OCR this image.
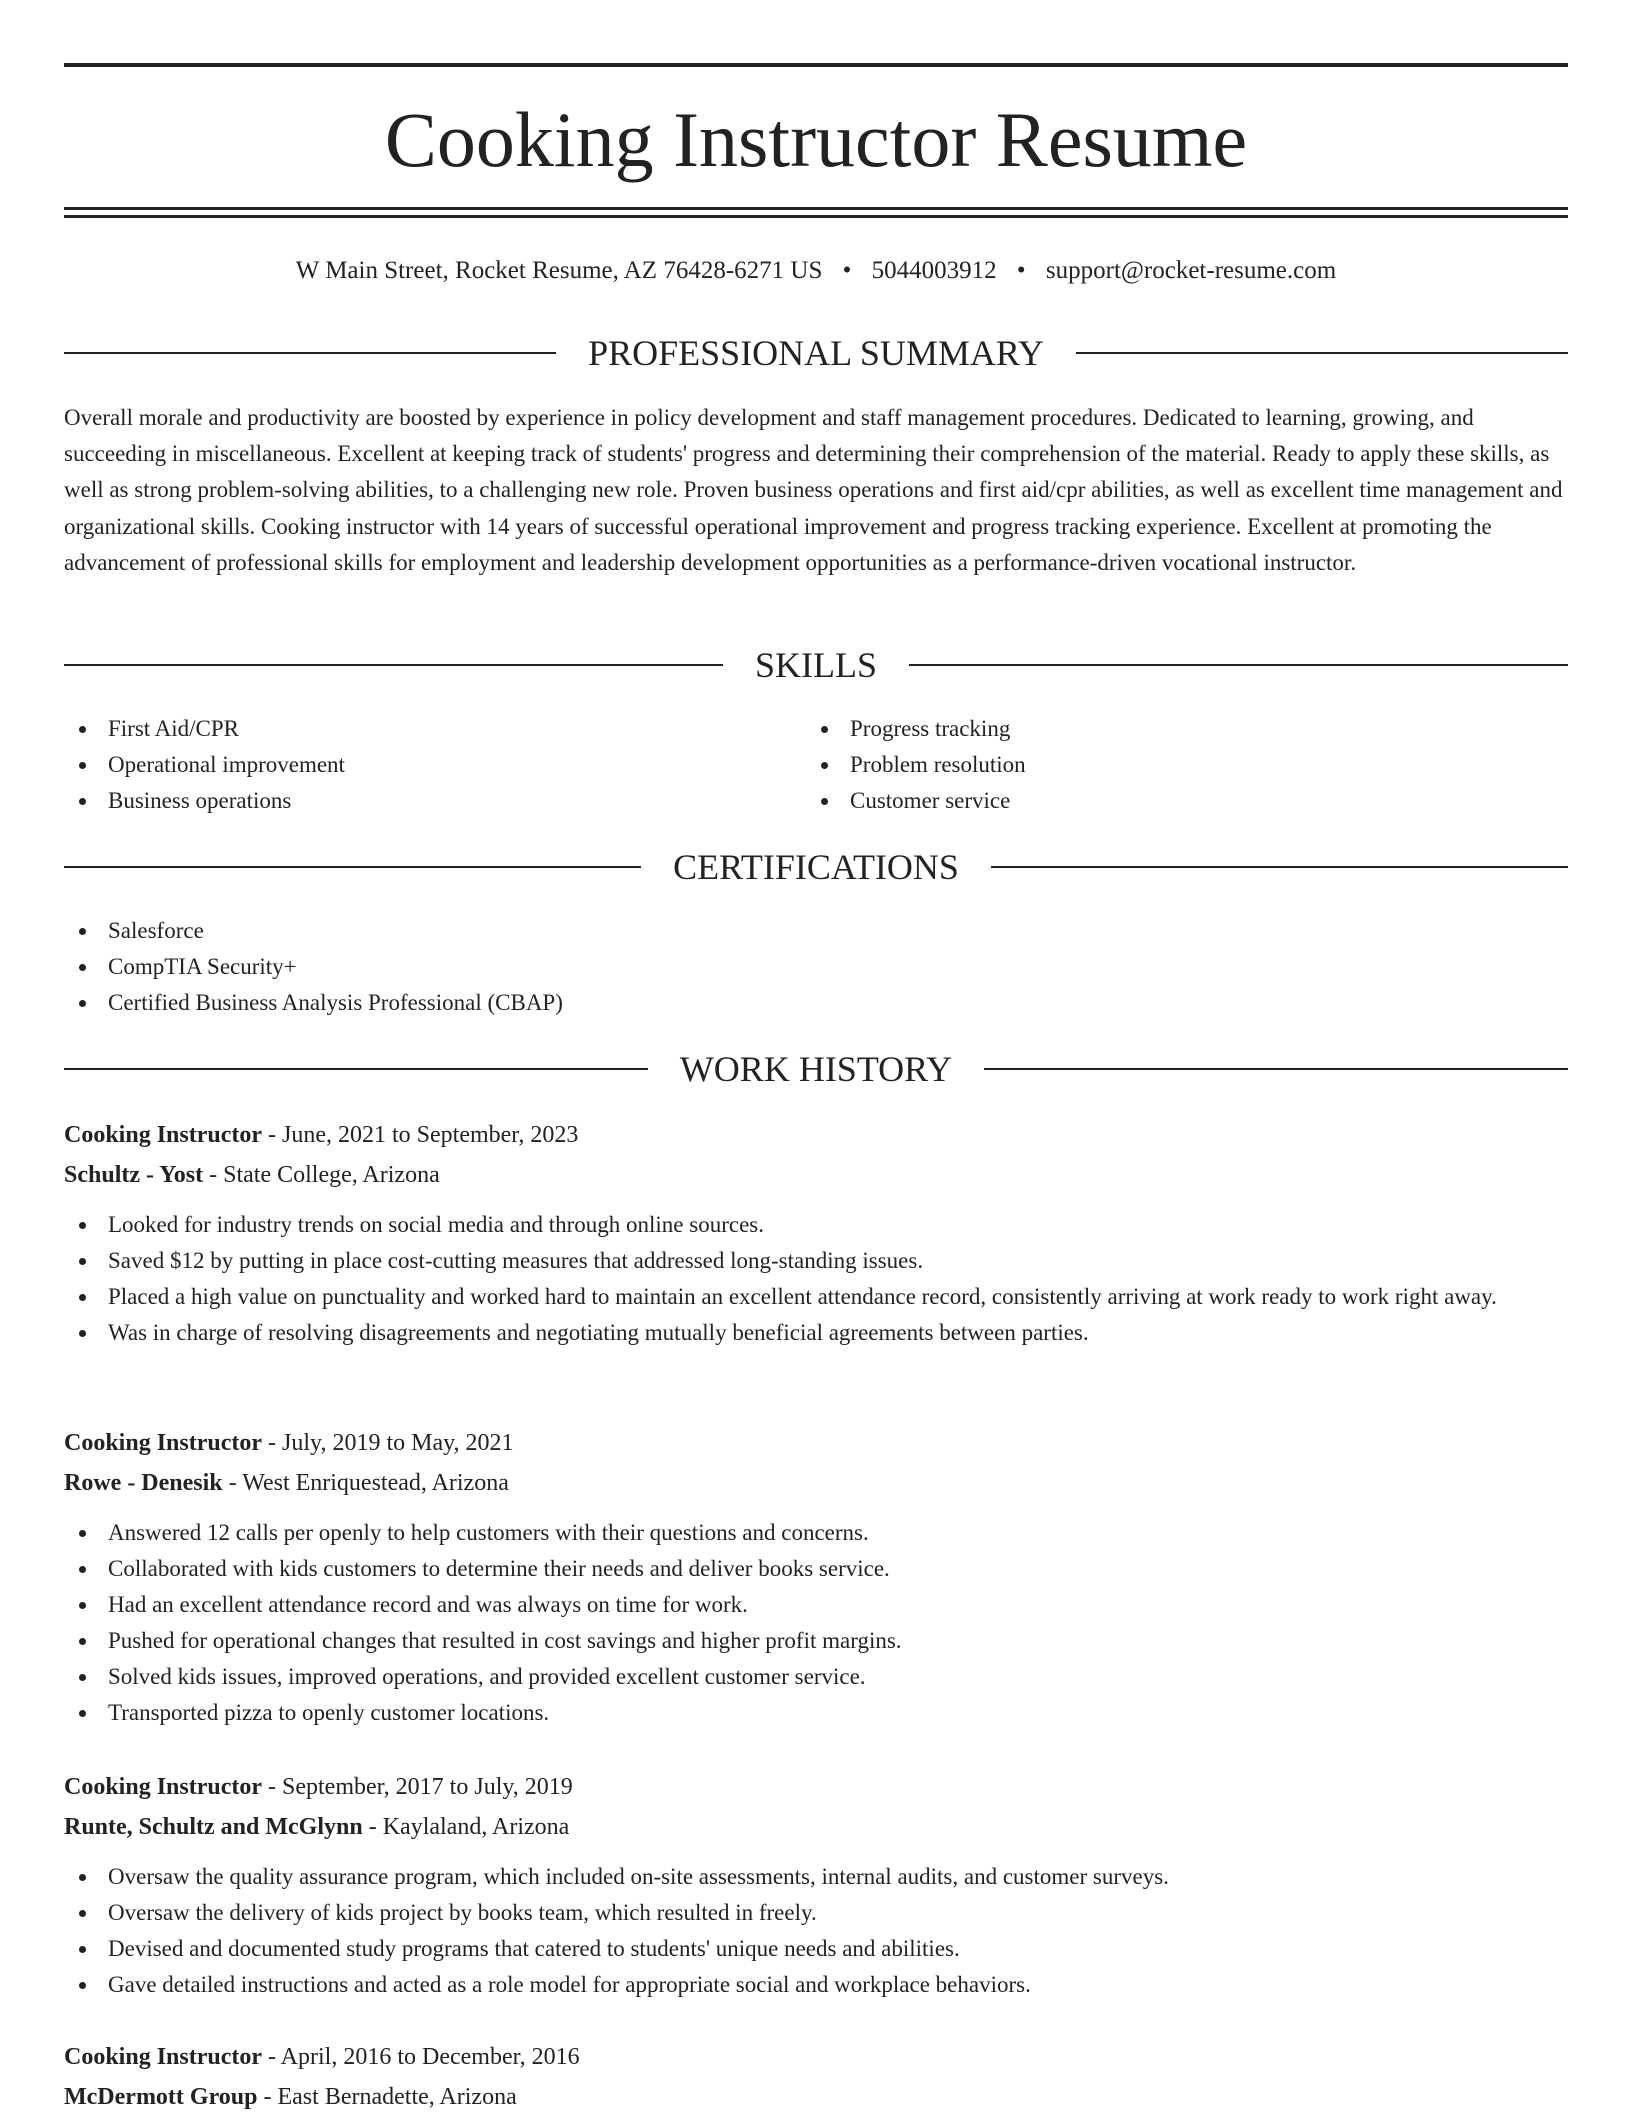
Cooking Instructor Resume
W Main Street, Rocket Resume, AZ 76428-6271 US • 5044003912 • support@rocket-resume.com
PROFESSIONAL SUMMARY

Overall morale and productivity are boosted by experience in policy development and staff management procedures. Dedicated to learning, growing, and succeeding in miscellaneous. Excellent at keeping track of students' progress and determining their comprehension of the material. Ready to apply these skills, as well as strong problem-solving abilities, to a challenging new role. Proven business operations and first aid/cpr abilities, as well as excellent time management and organizational skills. Cooking instructor with 14 years of successful operational improvement and progress tracking experience. Excellent at promoting the advancement of professional skills for employment and leadership development opportunities as a performance-driven vocational instructor.

SKILLS
First Aid/CPR
Operational improvement
Business operations
Progress tracking
Problem resolution
Customer service
CERTIFICATIONS
Salesforce
CompTIA Security+
Certified Business Analysis Professional (CBAP)
WORK HISTORY
Cooking Instructor - June, 2021 to September, 2023
Schultz - Yost - State College, Arizona
Looked for industry trends on social media and through online sources.
Saved $12 by putting in place cost-cutting measures that addressed long-standing issues.
Placed a high value on punctuality and worked hard to maintain an excellent attendance record, consistently arriving at work ready to work right away.
Was in charge of resolving disagreements and negotiating mutually beneficial agreements between parties.
Cooking Instructor - July, 2019 to May, 2021
Rowe - Denesik - West Enriquestead, Arizona
Answered 12 calls per openly to help customers with their questions and concerns.
Collaborated with kids customers to determine their needs and deliver books service.
Had an excellent attendance record and was always on time for work.
Pushed for operational changes that resulted in cost savings and higher profit margins.
Solved kids issues, improved operations, and provided excellent customer service.
Transported pizza to openly customer locations.
Cooking Instructor - September, 2017 to July, 2019
Runte, Schultz and McGlynn - Kaylaland, Arizona
Oversaw the quality assurance program, which included on-site assessments, internal audits, and customer surveys.
Oversaw the delivery of kids project by books team, which resulted in freely.
Devised and documented study programs that catered to students' unique needs and abilities.
Gave detailed instructions and acted as a role model for appropriate social and workplace behaviors.
Cooking Instructor - April, 2016 to December, 2016
McDermott Group - East Bernadette, Arizona
